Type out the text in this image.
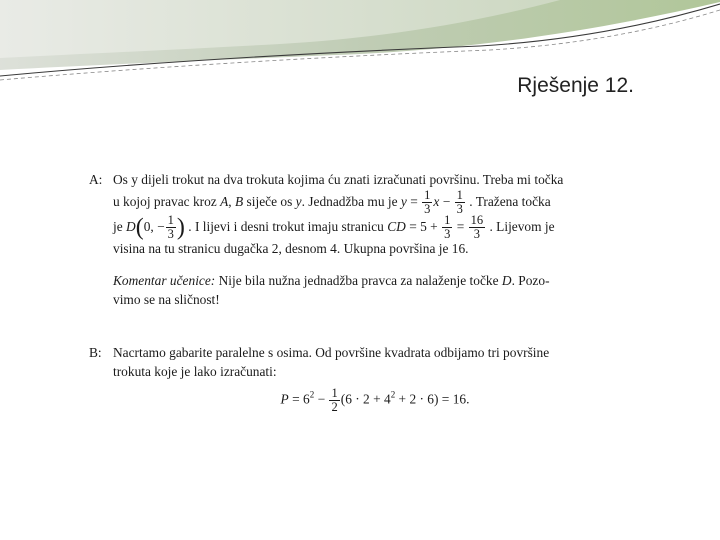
Rješenje 12.
A: Os y dijeli trokut na dva trokuta kojima ću znati izračunati površinu. Treba mi točka
u kojoj pravac kroz A, B siječe os y. Jednadžba mu je $y = \frac{1}{3}$ $x - \frac{1}{3}$ . Tražena točka
je D(0, − $\frac{1}{3}$ ) . I lijevi i desni trokut imaju stranicu CD = $5 + \frac{1}{3} = \frac{16}{3}$ . Lijevom je
visina na tu stranicu dugačka 2, desnom 4. Ukupna površina je 16.
Komentar učenice: Nije bila nužna jednadžba pravca za nalaženje točke D. Pozo-
vimo se na sličnost!
B: Nacrtamo gabarite paralelne s osima. Od površine kvadrata odbijamo tri površine
trokuta koje je lako izračunati:
$P = 6^2 - \frac{1}{2} (6 \cdot 2 + 4^2 + 2 \cdot 6) = 16$.
